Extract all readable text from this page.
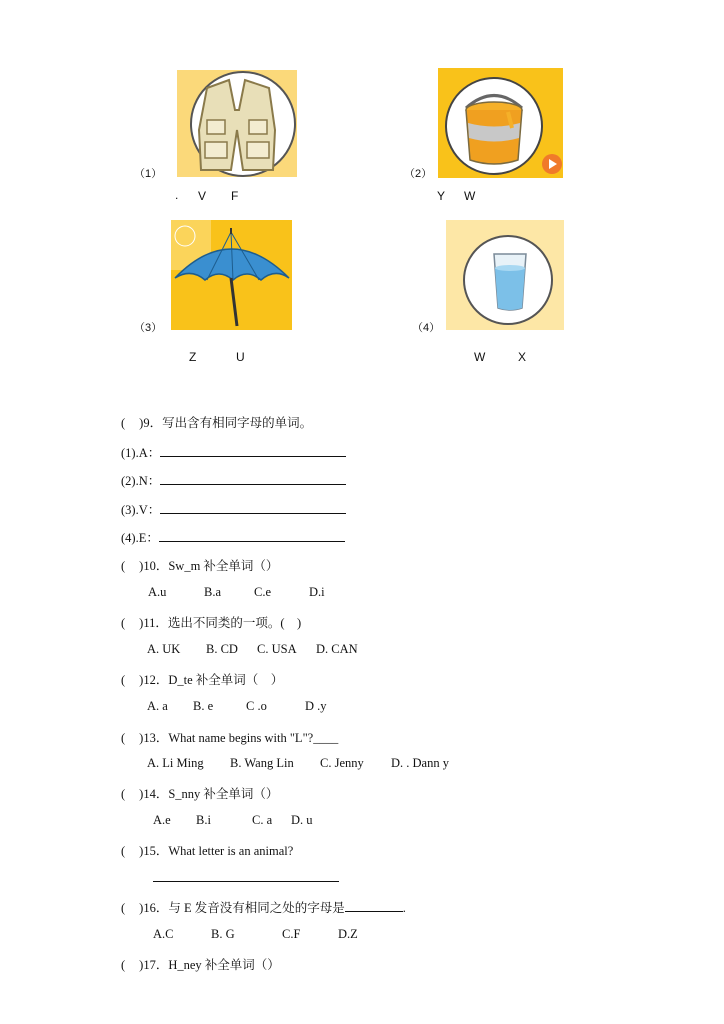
（1）
. V F
（2）
Y W
（3）
Z	U
（4）
W	X
( )9．写出含有相同字母的单词。
(1).A：
(2).N：
(3).V：
(4).E：
( )10．Sw_m 补全单词（）
A.u	B.a	C.e	D.i
( )11．选出不同类的一项。(　)
A. UK B. CD C. USA D. CAN
( )12．D_te 补全单词（　）
A. a B. e	C .o	D .y
( )13．What name begins with "L"?____
A. Li Ming B. Wang Lin C. Jenny D. . Dann y
( )14．S_nny 补全单词（）
A.e B.i	C. a D. u
( )15．What letter is an animal?
( )16．与 E 发音没有相同之处的字母是	.
A.C	B. G	C.F	D.Z
( )17．H_ney 补全单词（）
